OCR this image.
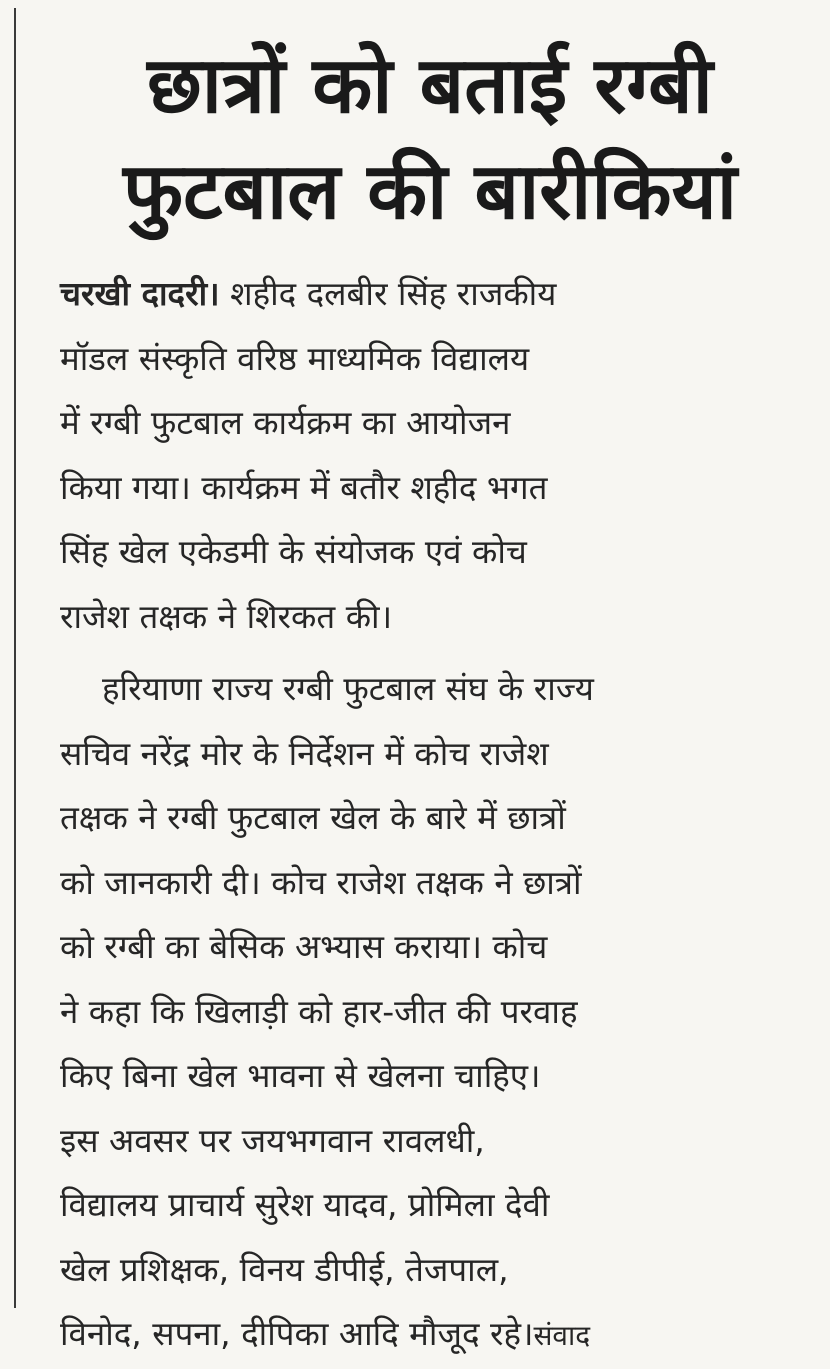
छात्रों को बताई रग्बी
फुटबाल की बारीकियां
चरखी दादरी। शहीद दलबीर सिंह राजकीय
मॉडल संस्कृति वरिष्ठ माध्यमिक विद्यालय
में रग्बी फुटबाल कार्यक्रम का आयोजन
किया गया। कार्यक्रम में बतौर शहीद भगत
सिंह खेल एकेडमी के संयोजक एवं कोच
राजेश तक्षक ने शिरकत की।
हरियाणा राज्य रग्बी फुटबाल संघ के राज्य
सचिव नरेंद्र मोर के निर्देशन में कोच राजेश
तक्षक ने रग्बी फुटबाल खेल के बारे में छात्रों
को जानकारी दी। कोच राजेश तक्षक ने छात्रों
को रग्बी का बेसिक अभ्यास कराया। कोच
ने कहा कि खिलाड़ी को हार-जीत की परवाह
किए बिना खेल भावना से खेलना चाहिए।
इस अवसर पर जयभगवान रावलधी,
विद्यालय प्राचार्य सुरेश यादव, प्रोमिला देवी
खेल प्रशिक्षक, विनय डीपीई, तेजपाल,
विनोद, सपना, दीपिका आदि मौजूद रहे।संवाद
